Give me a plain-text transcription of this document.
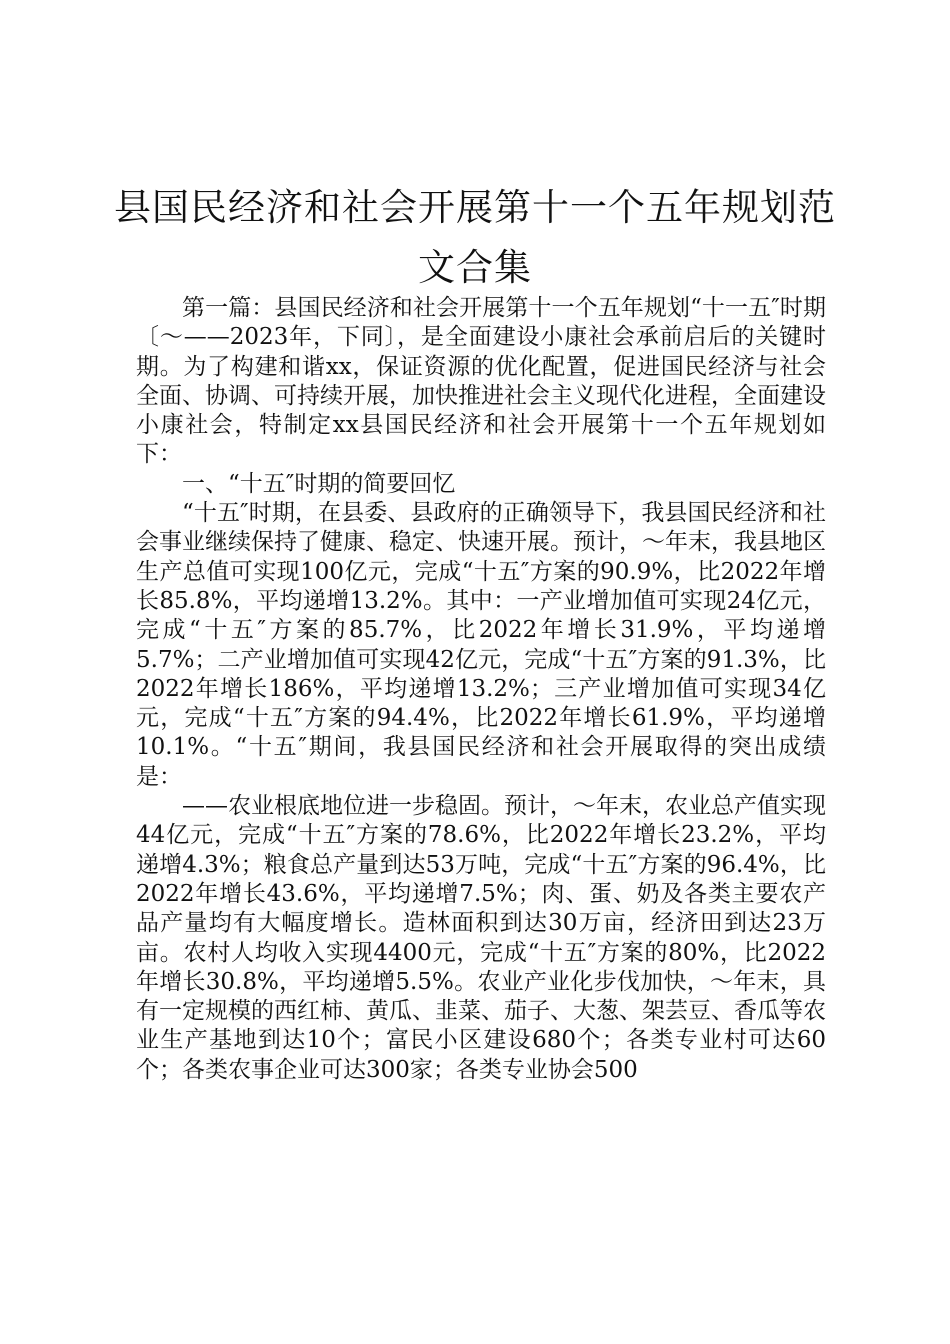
县国民经济和社会开展第十一个五年规划范
文合集

第一篇：县国民经济和社会开展第十一个五年规划“十一五″时期〔～——2023年，下同〕，是全面建设小康社会承前启后的关键时期。为了构建和谐xx，保证资源的优化配置，促进国民经济与社会全面、协调、可持续开展，加快推进社会主义现代化进程，全面建设小康社会，特制定xx县国民经济和社会开展第十一个五年规划如下：

一、“十五″时期的简要回忆

“十五″时期，在县委、县政府的正确领导下，我县国民经济和社会事业继续保持了健康、稳定、快速开展。预计，～年末，我县地区生产总值可实现100亿元，完成“十五″方案的90.9%，比2022年增长85.8%，平均递增13.2%。其中：一产业增加值可实现24亿元，完成“十五″方案的85.7%，比2022年增长31.9%，平均递增5.7%；二产业增加值可实现42亿元，完成“十五″方案的91.3%，比2022年增长186%，平均递增13.2%；三产业增加值可实现34亿元，完成“十五″方案的94.4%，比2022年增长61.9%，平均递增10.1%。“十五″期间，我县国民经济和社会开展取得的突出成绩是：

——农业根底地位进一步稳固。预计，～年末，农业总产值实现44亿元，完成“十五″方案的78.6%，比2022年增长23.2%，平均递增4.3%；粮食总产量到达53万吨，完成“十五″方案的96.4%，比2022年增长43.6%，平均递增7.5%；肉、蛋、奶及各类主要农产品产量均有大幅度增长。造林面积到达30万亩，经济田到达23万亩。农村人均收入实现4400元，完成“十五″方案的80%，比2022年增长30.8%，平均递增5.5%。农业产业化步伐加快，～年末，具有一定规模的西红柿、黄瓜、韭菜、茄子、大葱、架芸豆、香瓜等农业生产基地到达10个；富民小区建设680个；各类专业村可达60个；各类农事企业可达300家；各类专业协会500
